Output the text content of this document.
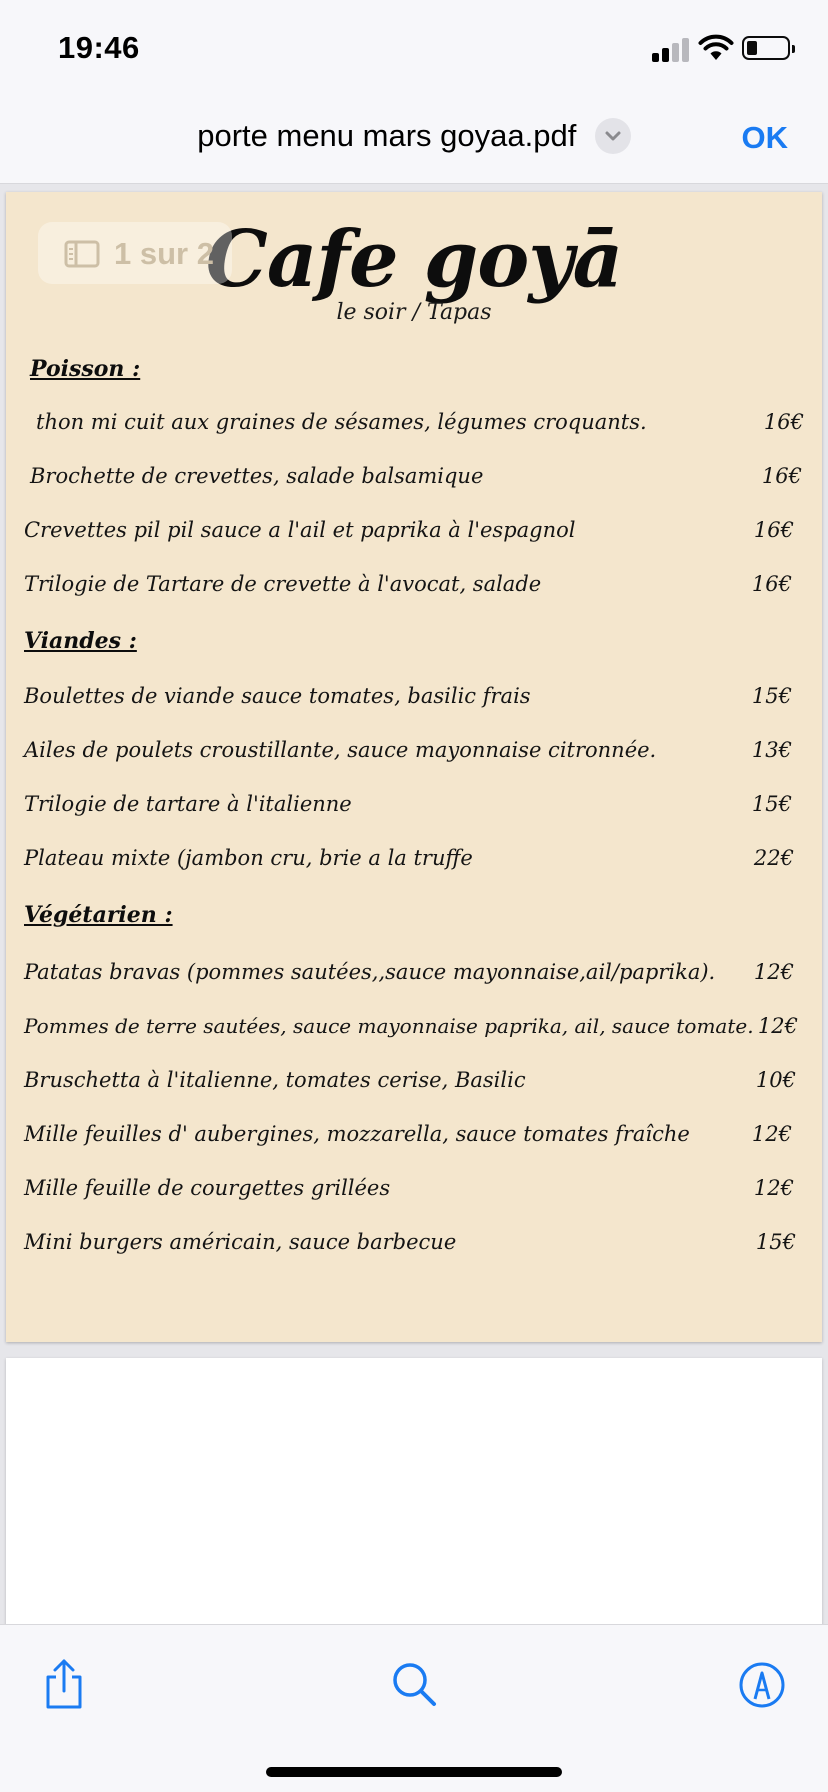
19:46
porte menu mars goyaa.pdf	OK
Cafe goyā
le soir / Tapas
1 sur 2
Poisson :
thon mi cuit aux graines de sésames, légumes croquants.	16€
Brochette de crevettes, salade balsamique	16€
Crevettes pil pil sauce a l'ail et paprika à l'espagnol	16€
Trilogie de Tartare de crevette à l'avocat, salade	16€
Viandes :
Boulettes de viande sauce tomates, basilic frais	15€
Ailes de poulets croustillante, sauce mayonnaise citronnée.	13€
Trilogie de tartare à l'italienne	15€
Plateau mixte (jambon cru, brie a la truffe	22€
Végétarien :
Patatas bravas (pommes sautées,,sauce mayonnaise,ail/paprika).	12€
Pommes de terre sautées, sauce mayonnaise paprika, ail, sauce tomate. 12€
Bruschetta à l'italienne, tomates cerise, Basilic	10€
Mille feuilles d' aubergines, mozzarella, sauce tomates fraîche	12€
Mille feuille de courgettes grillées	12€
Mini burgers américain, sauce barbecue	15€
